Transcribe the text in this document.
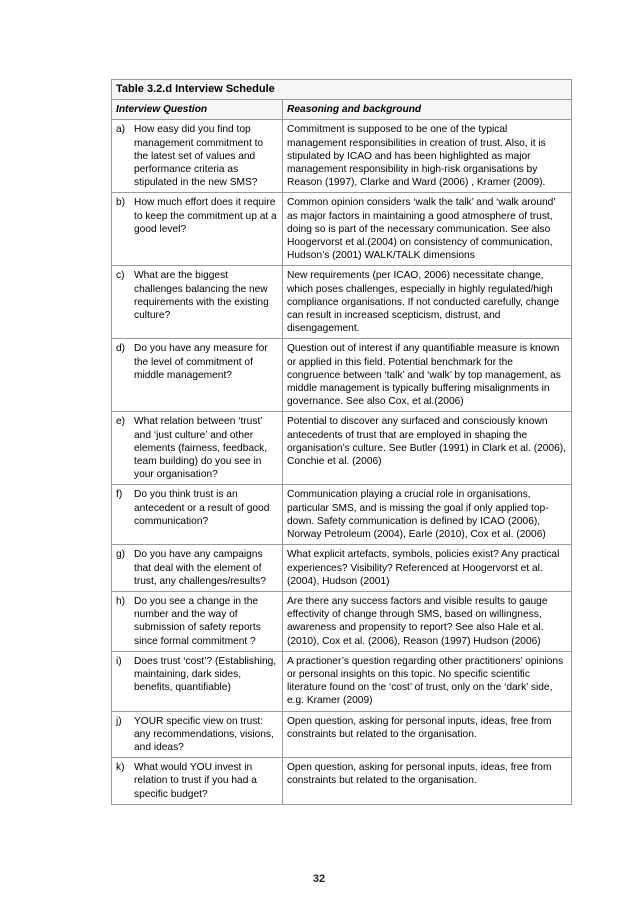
Table 3.2.d Interview Schedule	
Interview Question	Reasoning and background

a) How easy did you find top management commitment to the latest set of values and performance criteria as stipulated in the new SMS?	Commitment is supposed to be one of the typical management responsibilities in creation of trust. Also, it is stipulated by ICAO and has been highlighted as major management responsibility in high-risk organisations by Reason (1997), Clarke and Ward (2006) , Kramer (2009).

b) How much effort does it require to keep the commitment up at a good level?	Common opinion considers ‘walk the talk’ and ‘walk around’ as major factors in maintaining a good atmosphere of trust, doing so is part of the necessary communication. See also Hoogervorst et al.(2004) on consistency of communication, Hudson’s (2001) WALK/TALK dimensions

c) What are the biggest challenges balancing the new requirements with the existing culture?	New requirements (per ICAO, 2006) necessitate change, which poses challenges, especially in highly regulated/high compliance organisations. If not conducted carefully, change can result in increased scepticism, distrust, and disengagement.

d) Do you have any measure for the level of commitment of middle management?	Question out of interest if any quantifiable measure is known or applied in this field. Potential benchmark for the congruence between ‘talk’ and ‘walk’ by top management, as middle management is typically buffering misalignments in governance. See also Cox, et al.(2006)

e) What relation between ‘trust’ and ‘just culture’ and other elements (fairness, feedback, team building) do you see in your organisation?	Potential to discover any surfaced and consciously known antecedents of trust that are employed in shaping the organisation’s culture. See Butler (1991) in Clark et al. (2006), Conchie et al. (2006)

f) Do you think trust is an antecedent or a result of good communication?	Communication playing a crucial role in organisations, particular SMS, and is missing the goal if only applied top-down. Safety communication is defined by ICAO (2006), Norway Petroleum (2004), Earle (2010), Cox et al. (2006)

g) Do you have any campaigns that deal with the element of trust, any challenges/results?	What explicit artefacts, symbols, policies exist? Any practical experiences? Visibility? Referenced at Hoogervorst et al. (2004), Hudson (2001)

h) Do you see a change in the number and the way of submission of safety reports since formal commitment ?	Are there any success factors and visible results to gauge effectivity of change through SMS, based on willingness, awareness and propensity to report? See also Hale et al. (2010), Cox et al. (2006), Reason (1997) Hudson (2006)

i) Does trust ‘cost’? (Establishing, maintaining, dark sides, benefits, quantifiable)	A practioner’s question regarding other practitioners’ opinions or personal insights on this topic. No specific scientific literature found on the ‘cost’ of trust, only on the ‘dark’ side, e.g. Kramer (2009)

j) YOUR specific view on trust: any recommendations, visions, and ideas?	Open question, asking for personal inputs, ideas, free from constraints but related to the organisation.

k) What would YOU invest in relation to trust if you had a specific budget?	Open question, asking for personal inputs, ideas, free from constraints but related to the organisation.
32
